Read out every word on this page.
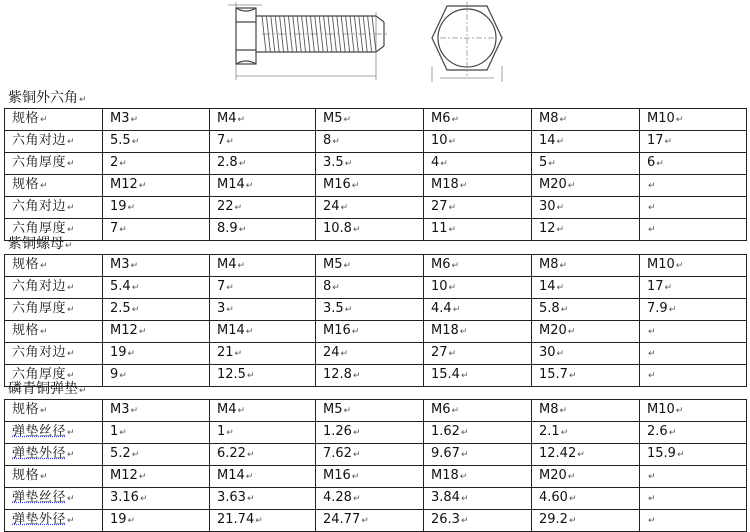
紫铜外六角↵
规格↵	M3↵	M4↵	M5↵	M6↵	M8↵	M10↵
六角对边↵	5.5↵	7↵	8↵	10↵	14↵	17↵
六角厚度↵	2↵	2.8↵	3.5↵	4↵	5↵	6↵
规格↵	M12↵	M14↵	M16↵	M18↵	M20↵	↵
六角对边↵	19↵	22↵	24↵	27↵	30↵	↵
六角厚度↵	7↵	8.9↵	10.8↵	11↵	12↵	↵
紫铜螺母↵
规格↵	M3↵	M4↵	M5↵	M6↵	M8↵	M10↵
六角对边↵	5.4↵	7↵	8↵	10↵	14↵	17↵
六角厚度↵	2.5↵	3↵	3.5↵	4.4↵	5.8↵	7.9↵
规格↵	M12↵	M14↵	M16↵	M18↵	M20↵	↵
六角对边↵	19↵	21↵	24↵	27↵	30↵	↵
六角厚度↵	9↵	12.5↵	12.8↵	15.4↵	15.7↵	↵
磷青铜弹垫↵
规格↵	M3↵	M4↵	M5↵	M6↵	M8↵	M10↵
弹垫丝径↵	1↵	1↵	1.26↵	1.62↵	2.1↵	2.6↵
弹垫外径↵	5.2↵	6.22↵	7.62↵	9.67↵	12.42↵	15.9↵
规格↵	M12↵	M14↵	M16↵	M18↵	M20↵	↵
弹垫丝径↵	3.16↵	3.63↵	4.28↵	3.84↵	4.60↵	↵
弹垫外径↵	19↵	21.74↵	24.77↵	26.3↵	29.2↵	↵
